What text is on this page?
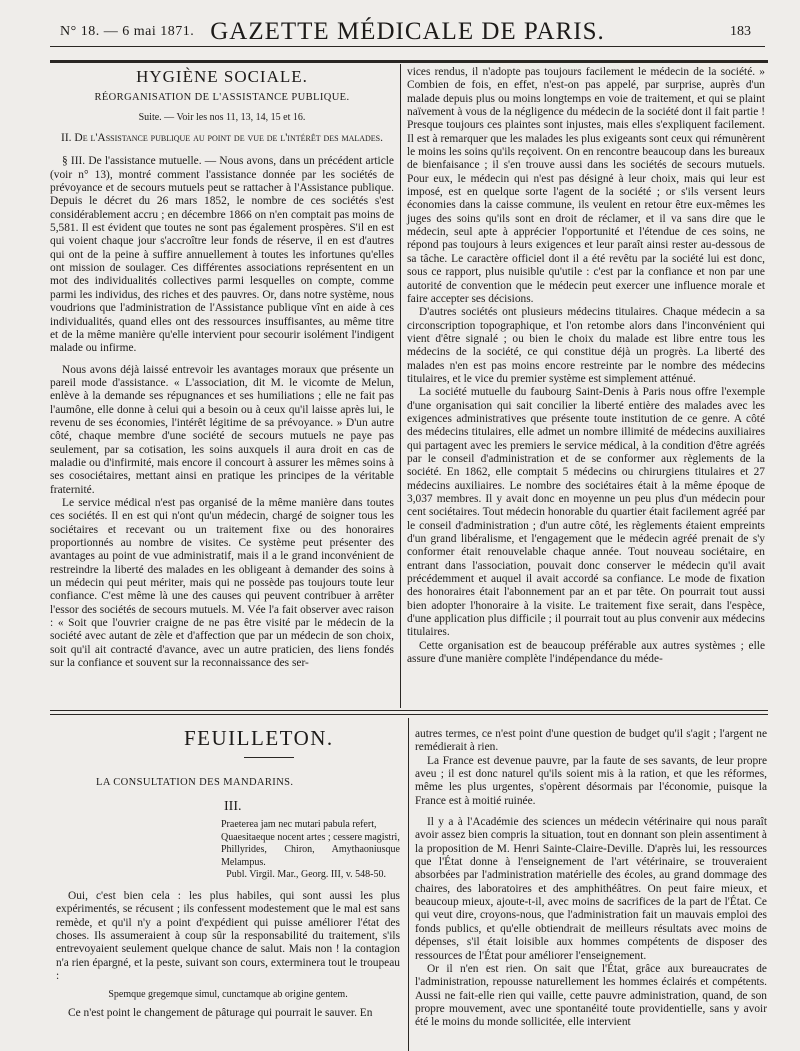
N° 18. — 6 mai 1871. GAZETTE MÉDICALE DE PARIS.	183
HYGIÈNE SOCIALE.
RÉORGANISATION DE L'ASSISTANCE PUBLIQUE.
Suite. — Voir les nos 11, 13, 14, 15 et 16.
II. De l'Assistance publique au point de vue de l'intérêt des malades.

§ III. De l'assistance mutuelle. — Nous avons, dans un précédent article (voir n° 13), montré comment l'assistance donnée par les sociétés de prévoyance et de secours mutuels peut se rattacher à l'Assistance publique. Depuis le décret du 26 mars 1852, le nombre de ces sociétés s'est considérablement accru ; en décembre 1866 on n'en comptait pas moins de 5,581. Il est évident que toutes ne sont pas également prospères. S'il en est qui voient chaque jour s'accroître leur fonds de réserve, il en est d'autres qui ont de la peine à suffire annuellement à toutes les infortunes qu'elles ont mission de soulager. Ces différentes associations représentent en un mot des individualités collectives parmi lesquelles on compte, comme parmi les individus, des riches et des pauvres. Or, dans notre système, nous voudrions que l'administration de l'Assistance publique vînt en aide à ces individualités, quand elles ont des ressources insuffisantes, au même titre et de la même manière qu'elle intervient pour secourir isolément l'indigent malade ou infirme.

Nous avons déjà laissé entrevoir les avantages moraux que présente un pareil mode d'assistance. « L'association, dit M. le vicomte de Melun, enlève à la demande ses répugnances et ses humiliations ; elle ne fait pas l'aumône, elle donne à celui qui a besoin ou à ceux qu'il laisse après lui, le revenu de ses économies, l'intérêt légitime de sa prévoyance. » D'un autre côté, chaque membre d'une société de secours mutuels ne paye pas seulement, par sa cotisation, les soins auxquels il aura droit en cas de maladie ou d'infirmité, mais encore il concourt à assurer les mêmes soins à ses cosociétaires, mettant ainsi en pratique les principes de la véritable fraternité.

Le service médical n'est pas organisé de la même manière dans toutes ces sociétés. Il en est qui n'ont qu'un médecin, chargé de soigner tous les sociétaires et recevant ou un traitement fixe ou des honoraires proportionnés au nombre de visites. Ce système peut présenter des avantages au point de vue administratif, mais il a le grand inconvénient de restreindre la liberté des malades en les obligeant à demander des soins à un médecin qui peut mériter, mais qui ne possède pas toujours toute leur confiance. C'est même là une des causes qui peuvent contribuer à arrêter l'essor des sociétés de secours mutuels. M. Vée l'a fait observer avec raison : « Soit que l'ouvrier craigne de ne pas être visité par le médecin de la société avec autant de zèle et d'affection que par un médecin de son choix, soit qu'il ait contracté d'avance, avec un autre praticien, des liens fondés sur la confiance et souvent sur la reconnaissance des ser-

vices rendus, il n'adopte pas toujours facilement le médecin de la société. » Combien de fois, en effet, n'est-on pas appelé, par surprise, auprès d'un malade depuis plus ou moins longtemps en voie de traitement, et qui se plaint naïvement à vous de la négligence du médecin de la société dont il fait partie ! Presque toujours ces plaintes sont injustes, mais elles s'expliquent facilement. Il est à remarquer que les malades les plus exigeants sont ceux qui rémunèrent le moins les soins qu'ils reçoivent. On en rencontre beaucoup dans les bureaux de bienfaisance ; il s'en trouve aussi dans les sociétés de secours mutuels. Pour eux, le médecin qui n'est pas désigné à leur choix, mais qui leur est imposé, est en quelque sorte l'agent de la société ; or s'ils versent leurs économies dans la caisse commune, ils veulent en retour être eux-mêmes les juges des soins qu'ils sont en droit de réclamer, et il va sans dire que le médecin, seul apte à apprécier l'opportunité et l'étendue de ces soins, ne répond pas toujours à leurs exigences et leur paraît ainsi rester au-dessous de sa tâche. Le caractère officiel dont il a été revêtu par la société lui est donc, sous ce rapport, plus nuisible qu'utile : c'est par la confiance et non par une autorité de convention que le médecin peut exercer une influence morale et faire accepter ses décisions.

D'autres sociétés ont plusieurs médecins titulaires. Chaque médecin a sa circonscription topographique, et l'on retombe alors dans l'inconvénient qui vient d'être signalé ; ou bien le choix du malade est libre entre tous les médecins de la société, ce qui constitue déjà un progrès. La liberté des malades n'en est pas moins encore restreinte par le nombre des médecins titulaires, et le vice du premier système est simplement atténué.

La société mutuelle du faubourg Saint-Denis à Paris nous offre l'exemple d'une organisation qui sait concilier la liberté entière des malades avec les exigences administratives que présente toute institution de ce genre. A côté des médecins titulaires, elle admet un nombre illimité de médecins auxiliaires qui partagent avec les premiers le service médical, à la condition d'être agréés par le conseil d'administration et de se conformer aux règlements de la société. En 1862, elle comptait 5 médecins ou chirurgiens titulaires et 27 médecins auxiliaires. Le nombre des sociétaires était à la même époque de 3,037 membres. Il y avait donc en moyenne un peu plus d'un médecin pour cent sociétaires. Tout médecin honorable du quartier était facilement agréé par le conseil d'administration ; d'un autre côté, les règlements étaient empreints d'un grand libéralisme, et l'engagement que le médecin agréé prenait de s'y conformer était renouvelable chaque année. Tout nouveau sociétaire, en entrant dans l'association, pouvait donc conserver le médecin qu'il avait précédemment et auquel il avait accordé sa confiance. Le mode de fixation des honoraires était l'abonnement par an et par tête. On pourrait tout aussi bien adopter l'honoraire à la visite. Le traitement fixe serait, dans l'espèce, d'une application plus difficile ; il pourrait tout au plus convenir aux médecins titulaires.

Cette organisation est de beaucoup préférable aux autres systèmes ; elle assure d'une manière complète l'indépendance du méde-

FEUILLETON.
LA CONSULTATION DES MANDARINS.
III.
Praeterea jam nec mutari pabula refert,
Quaesitaeque nocent artes ; cessere magistri,
Phillyrides, Chiron, Amythaoniusque Melampus.
Publ. Virgil. Mar., Georg. III, v. 548-50.

Oui, c'est bien cela : les plus habiles, qui sont aussi les plus expérimentés, se récusent ; ils confessent modestement que le mal est sans remède, et qu'il n'y a point d'expédient qui puisse améliorer l'état des choses. Ils assumeraient à coup sûr la responsabilité du traitement, s'ils entrevoyaient seulement quelque chance de salut. Mais non ! la contagion n'a rien épargné, et la peste, suivant son cours, exterminera tout le troupeau :

Spemque gregemque simul, cunctamque ab origine gentem.

Ce n'est point le changement de pâturage qui pourrait le sauver. En

autres termes, ce n'est point d'une question de budget qu'il s'agit ; l'argent ne remédierait à rien.

La France est devenue pauvre, par la faute de ses savants, de leur propre aveu ; il est donc naturel qu'ils soient mis à la ration, et que les réformes, même les plus urgentes, s'opèrent désormais par l'économie, puisque la France est à moitié ruinée.

Il y a à l'Académie des sciences un médecin vétérinaire qui nous paraît avoir assez bien compris la situation, tout en donnant son plein assentiment à la proposition de M. Henri Sainte-Claire-Deville. D'après lui, les ressources que l'État donne à l'enseignement de l'art vétérinaire, se trouveraient absorbées par l'administration matérielle des écoles, au grand dommage des chaires, des laboratoires et des amphithéâtres. On peut faire mieux, et beaucoup mieux, ajoute-t-il, avec moins de sacrifices de la part de l'État. Ce qui veut dire, croyons-nous, que l'administration fait un mauvais emploi des fonds publics, et qu'elle obtiendrait de meilleurs résultats avec moins de dépenses, s'il était loisible aux hommes compétents de disposer des ressources de l'État pour améliorer l'enseignement.

Or il n'en est rien. On sait que l'État, grâce aux bureaucrates de l'administration, repousse naturellement les hommes éclairés et compétents. Aussi ne fait-elle rien qui vaille, cette pauvre administration, quand, de son propre mouvement, avec une spontanéité toute providentielle, sans y avoir été le moins du monde sollicitée, elle intervient
